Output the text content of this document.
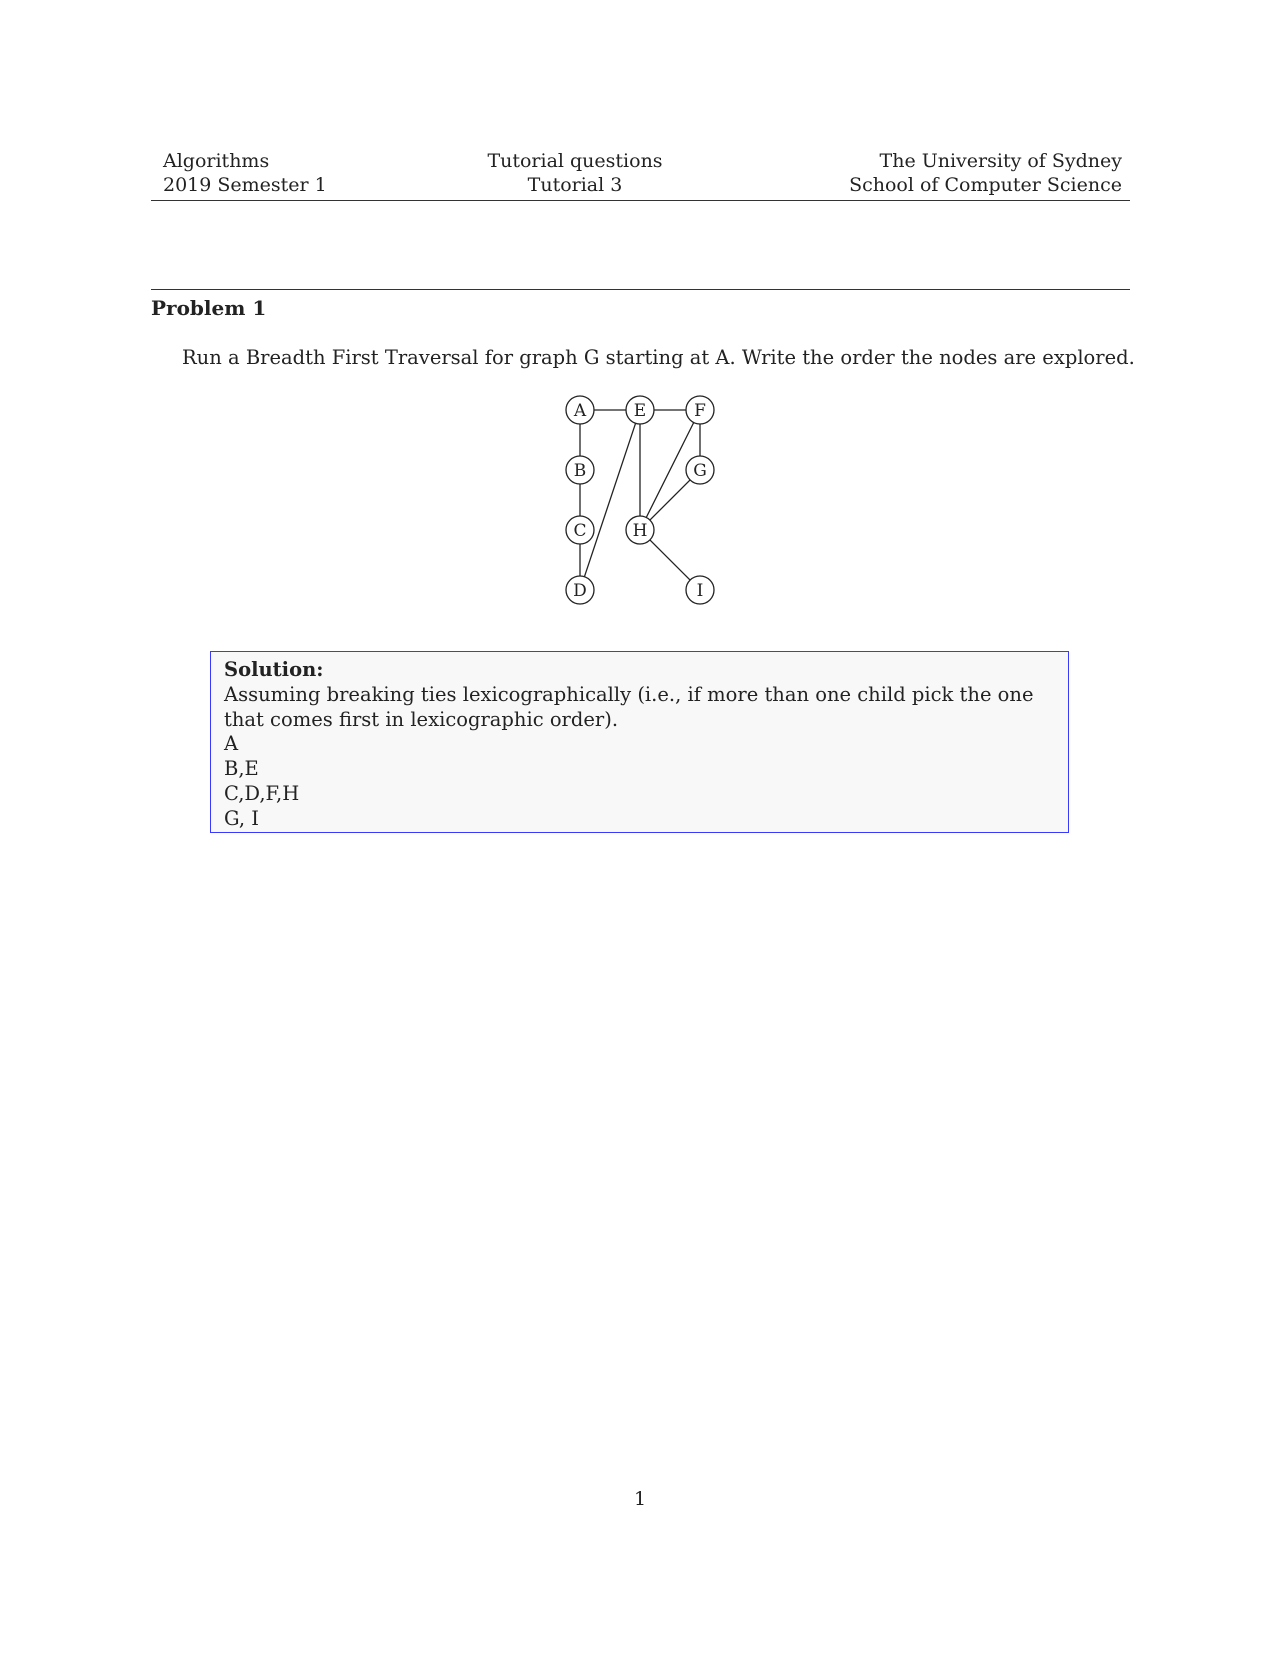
Algorithms
2019 Semester 1
Tutorial questions
Tutorial 3
The University of Sydney
School of Computer Science
Problem 1
Run a Breadth First Traversal for graph G starting at A. Write the order the nodes are explored.
A
B
C
D
E	F
G
H
I
Solution:
Assuming breaking ties lexicographically (i.e., if more than one child pick the one that comes first in lexicographic order).
A
B,E
C,D,F,H
G, I
1
